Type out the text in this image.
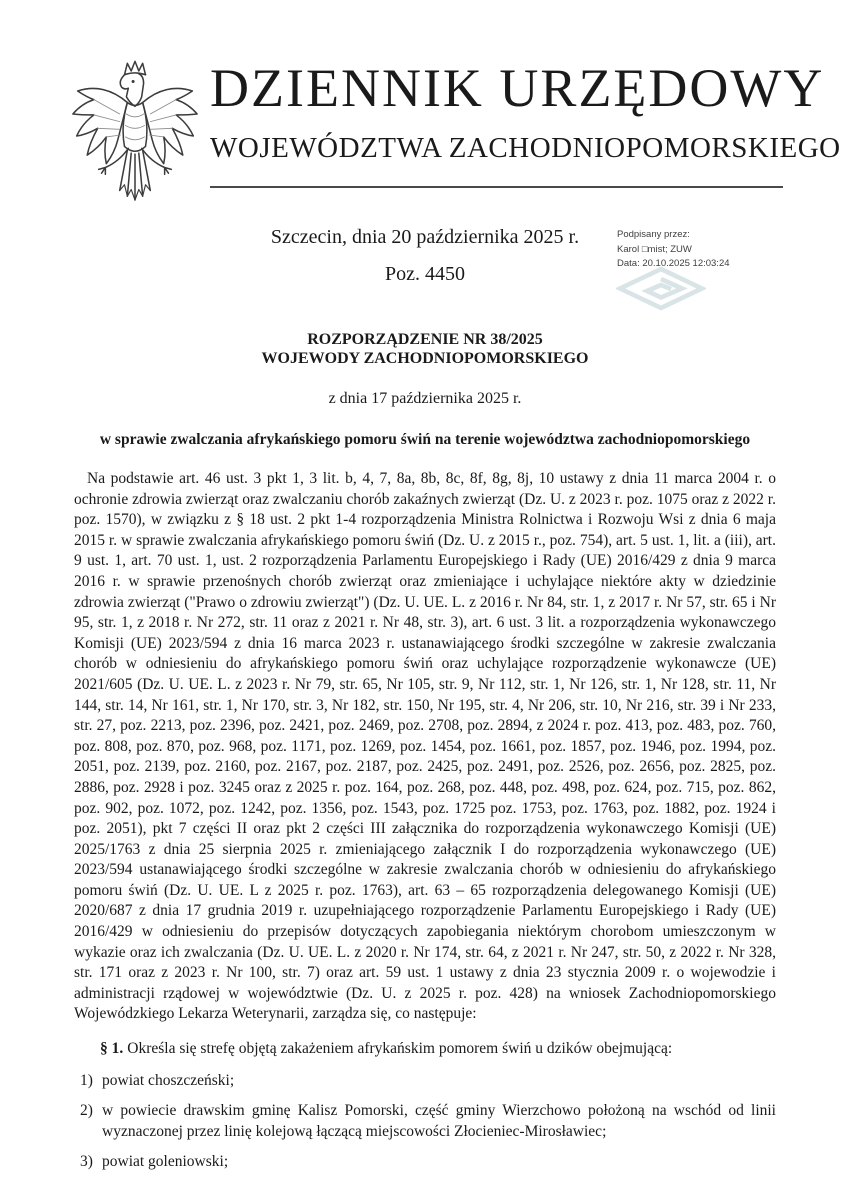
DZIENNIK URZĘDOWY
WOJEWÓDZTWA ZACHODNIOPOMORSKIEGO
Szczecin, dnia 20 października 2025 r.	Podpisany przez:
Karol □mist; ZUW
Data: 20.10.2025 12:03:24
Poz. 4450
ROZPORZĄDZENIE NR 38/2025
WOJEWODY ZACHODNIOPOMORSKIEGO
z dnia 17 października 2025 r.
w sprawie zwalczania afrykańskiego pomoru świń na terenie województwa zachodniopomorskiego

Na podstawie art. 46 ust. 3 pkt 1, 3 lit. b, 4, 7, 8a, 8b, 8c, 8f, 8g, 8j, 10 ustawy z dnia 11 marca 2004 r. o ochronie zdrowia zwierząt oraz zwalczaniu chorób zakaźnych zwierząt (Dz. U. z 2023 r. poz. 1075 oraz z 2022 r. poz. 1570), w związku z § 18 ust. 2 pkt 1-4 rozporządzenia Ministra Rolnictwa i Rozwoju Wsi z dnia 6 maja 2015 r. w sprawie zwalczania afrykańskiego pomoru świń (Dz. U. z 2015 r., poz. 754), art. 5 ust. 1, lit. a (iii), art. 9 ust. 1, art. 70 ust. 1, ust. 2 rozporządzenia Parlamentu Europejskiego i Rady (UE) 2016/429 z dnia 9 marca 2016 r. w sprawie przenośnych chorób zwierząt oraz zmieniające i uchylające niektóre akty w dziedzinie zdrowia zwierząt ("Prawo o zdrowiu zwierząt") (Dz. U. UE. L. z 2016 r. Nr 84, str. 1, z 2017 r. Nr 57, str. 65 i Nr 95, str. 1, z 2018 r. Nr 272, str. 11 oraz z 2021 r. Nr 48, str. 3), art. 6 ust. 3 lit. a rozporządzenia wykonawczego Komisji (UE) 2023/594 z dnia 16 marca 2023 r. ustanawiającego środki szczególne w zakresie zwalczania chorób w odniesieniu do afrykańskiego pomoru świń oraz uchylające rozporządzenie wykonawcze (UE) 2021/605 (Dz. U. UE. L. z 2023 r. Nr 79, str. 65, Nr 105, str. 9, Nr 112, str. 1, Nr 126, str. 1, Nr 128, str. 11, Nr 144, str. 14, Nr 161, str. 1, Nr 170, str. 3, Nr 182, str. 150, Nr 195, str. 4, Nr 206, str. 10, Nr 216, str. 39 i Nr 233, str. 27, poz. 2213, poz. 2396, poz. 2421, poz. 2469, poz. 2708, poz. 2894, z 2024 r. poz. 413, poz. 483, poz. 760, poz. 808, poz. 870, poz. 968, poz. 1171, poz. 1269, poz. 1454, poz. 1661, poz. 1857, poz. 1946, poz. 1994, poz. 2051, poz. 2139, poz. 2160, poz. 2167, poz. 2187, poz. 2425, poz. 2491, poz. 2526, poz. 2656, poz. 2825, poz. 2886, poz. 2928 i poz. 3245 oraz z 2025 r. poz. 164, poz. 268, poz. 448, poz. 498, poz. 624, poz. 715, poz. 862, poz. 902, poz. 1072, poz. 1242, poz. 1356, poz. 1543, poz. 1725 poz. 1753, poz. 1763, poz. 1882, poz. 1924 i poz. 2051), pkt 7 części II oraz pkt 2 części III załącznika do rozporządzenia wykonawczego Komisji (UE) 2025/1763 z dnia 25 sierpnia 2025 r. zmieniającego załącznik I do rozporządzenia wykonawczego (UE) 2023/594 ustanawiającego środki szczególne w zakresie zwalczania chorób w odniesieniu do afrykańskiego pomoru świń (Dz. U. UE. L z 2025 r. poz. 1763), art. 63 – 65 rozporządzenia delegowanego Komisji (UE) 2020/687 z dnia 17 grudnia 2019 r. uzupełniającego rozporządzenie Parlamentu Europejskiego i Rady (UE) 2016/429 w odniesieniu do przepisów dotyczących zapobiegania niektórym chorobom umieszczonym w wykazie oraz ich zwalczania (Dz. U. UE. L. z 2020 r. Nr 174, str. 64, z 2021 r. Nr 247, str. 50, z 2022 r. Nr 328, str. 171 oraz z 2023 r. Nr 100, str. 7) oraz art. 59 ust. 1 ustawy z dnia 23 stycznia 2009 r. o wojewodzie i administracji rządowej w województwie (Dz. U. z 2025 r. poz. 428) na wniosek Zachodniopomorskiego Wojewódzkiego Lekarza Weterynarii, zarządza się, co następuje:

§ 1. Określa się strefę objętą zakażeniem afrykańskim pomorem świń u dzików obejmującą:

1) powiat choszczeński;
2) w powiecie drawskim gminę Kalisz Pomorski, część gminy Wierzchowo położoną na wschód od linii wyznaczonej przez linię kolejową łączącą miejscowości Złocieniec-Mirosławiec;
3) powiat goleniowski;
